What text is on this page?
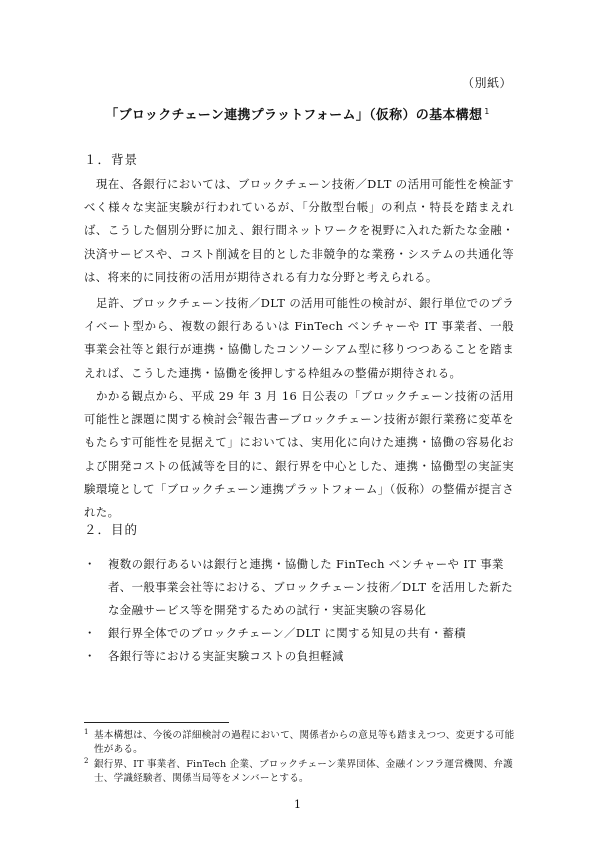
（別紙）
「ブロックチェーン連携プラットフォーム」（仮称）の基本構想 $^1$
１．背景

現在、各銀行においては、ブロックチェーン技術／DLT の活用可能性を検証すべく様々な実証実験が行われているが、「分散型台帳」の利点・特長を踏まえれば、こうした個別分野に加え、銀行間ネットワークを視野に入れた新たな金融・決済サービスや、コスト削減を目的とした非競争的な業務・システムの共通化等は、将来的に同技術の活用が期待される有力な分野と考えられる。

足許、ブロックチェーン技術／DLT の活用可能性の検討が、銀行単位でのプライベート型から、複数の銀行あるいは FinTech ベンチャーや IT 事業者、一般事業会社等と銀行が連携・協働したコンソーシアム型に移りつつあることを踏まえれば、こうした連携・協働を後押しする枠組みの整備が期待される。

かかる観点から、平成 29 年 3 月 16 日公表の「ブロックチェーン技術の活用可能性と課題に関する検討会$^2$報告書ーブロックチェーン技術が銀行業務に変革をもたらす可能性を見据えて」においては、実用化に向けた連携・協働の容易化および開発コストの低減等を目的に、銀行界を中心とした、連携・協働型の実証実験環境として「ブロックチェーン連携プラットフォーム」（仮称）の整備が提言された。

２．目的
・ 複数の銀行あるいは銀行と連携・協働した FinTech ベンチャーや IT 事業者、一般事業会社等における、ブロックチェーン技術／DLT を活用した新たな金融サービス等を開発するための試行・実証実験の容易化
・ 銀行界全体でのブロックチェーン／DLT に関する知見の共有・蓄積
・ 各銀行等における実証実験コストの負担軽減
1 基本構想は、今後の詳細検討の過程において、関係者からの意見等も踏まえつつ、変更する可能性がある。
2 銀行界、IT 事業者、FinTech 企業、ブロックチェーン業界団体、金融インフラ運営機関、弁護士、学識経験者、関係当局等をメンバーとする。
1
